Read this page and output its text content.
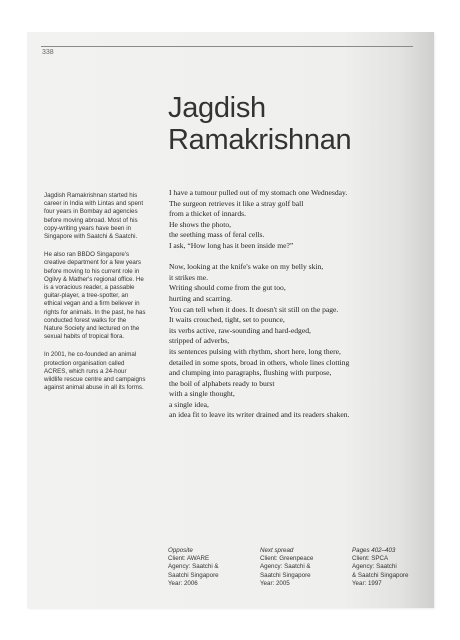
338
Jagdish
Ramakrishnan

Jagdish Ramakrishnan started his career in India with Lintas and spent four years in Bombay ad agencies before moving abroad. Most of his copy-writing years have been in Singapore with Saatchi & Saatchi.

He also ran BBDO Singapore's creative department for a few years before moving to his current role in Ogilvy & Mather's regional office. He is a voracious reader, a passable guitar-player, a tree-spotter, an ethical vegan and a firm believer in rights for animals. In the past, he has conducted forest walks for the Nature Society and lectured on the sexual habits of tropical flora.

In 2001, he co-founded an animal protection organisation called ACRES, which runs a 24-hour wildlife rescue centre and campaigns against animal abuse in all its forms.

I have a tumour pulled out of my stomach one Wednesday.
The surgeon retrieves it like a stray golf ball
from a thicket of innards.
He shows the photo,
the seething mass of feral cells.
I ask, “How long has it been inside me?”
Now, looking at the knife's wake on my belly skin,
it strikes me.
Writing should come from the gut too,
hurting and scarring.
You can tell when it does. It doesn't sit still on the page.
It waits crouched, tight, set to pounce,
its verbs active, raw-sounding and hard-edged,
stripped of adverbs,
its sentences pulsing with rhythm, short here, long there,
detailed in some spots, broad in others, whole lines clotting
and clumping into paragraphs, flushing with purpose,
the boil of alphabets ready to burst
with a single thought,
a single idea,
an idea fit to leave its writer drained and its readers shaken.
Opposite
Client: AWARE
Agency: Saatchi &
Saatchi Singapore
Year: 2006
Next spread
Client: Greenpeace
Agency: Saatchi &
Saatchi Singapore
Year: 2005
Pages 402–403
Client: SPCA
Agency: Saatchi
& Saatchi Singapore
Year: 1997
